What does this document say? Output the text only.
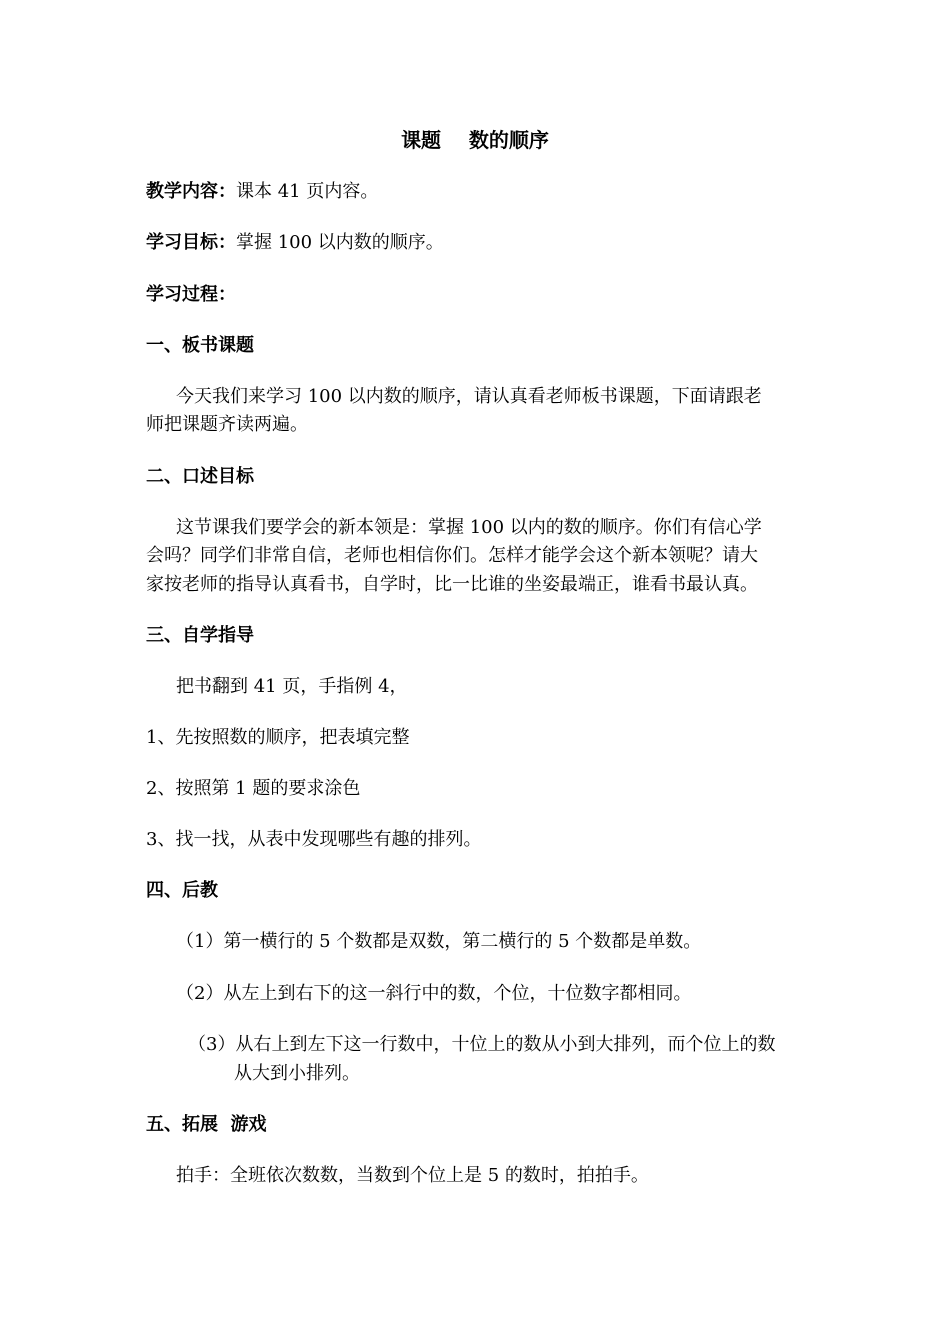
课题    数的顺序
教学内容：课本 41 页内容。
学习目标：掌握 100 以内数的顺序。
学习过程：
一、板书课题
今天我们来学习 100 以内数的顺序，请认真看老师板书课题，下面请跟老
师把课题齐读两遍。
二、口述目标
这节课我们要学会的新本领是：掌握 100 以内的数的顺序。你们有信心学
会吗？同学们非常自信，老师也相信你们。怎样才能学会这个新本领呢？请大
家按老师的指导认真看书，自学时，比一比谁的坐姿最端正，谁看书最认真。
三、自学指导
把书翻到 41 页，手指例 4，
1、先按照数的顺序，把表填完整
2、按照第 1 题的要求涂色
3、找一找，从表中发现哪些有趣的排列。
四、后教
（1）第一横行的 5 个数都是双数，第二横行的 5 个数都是单数。
（2）从左上到右下的这一斜行中的数，个位，十位数字都相同。
（3）从右上到左下这一行数中，十位上的数从小到大排列，而个位上的数
从大到小排列。
五、拓展  游戏
拍手：全班依次数数，当数到个位上是 5 的数时，拍拍手。
